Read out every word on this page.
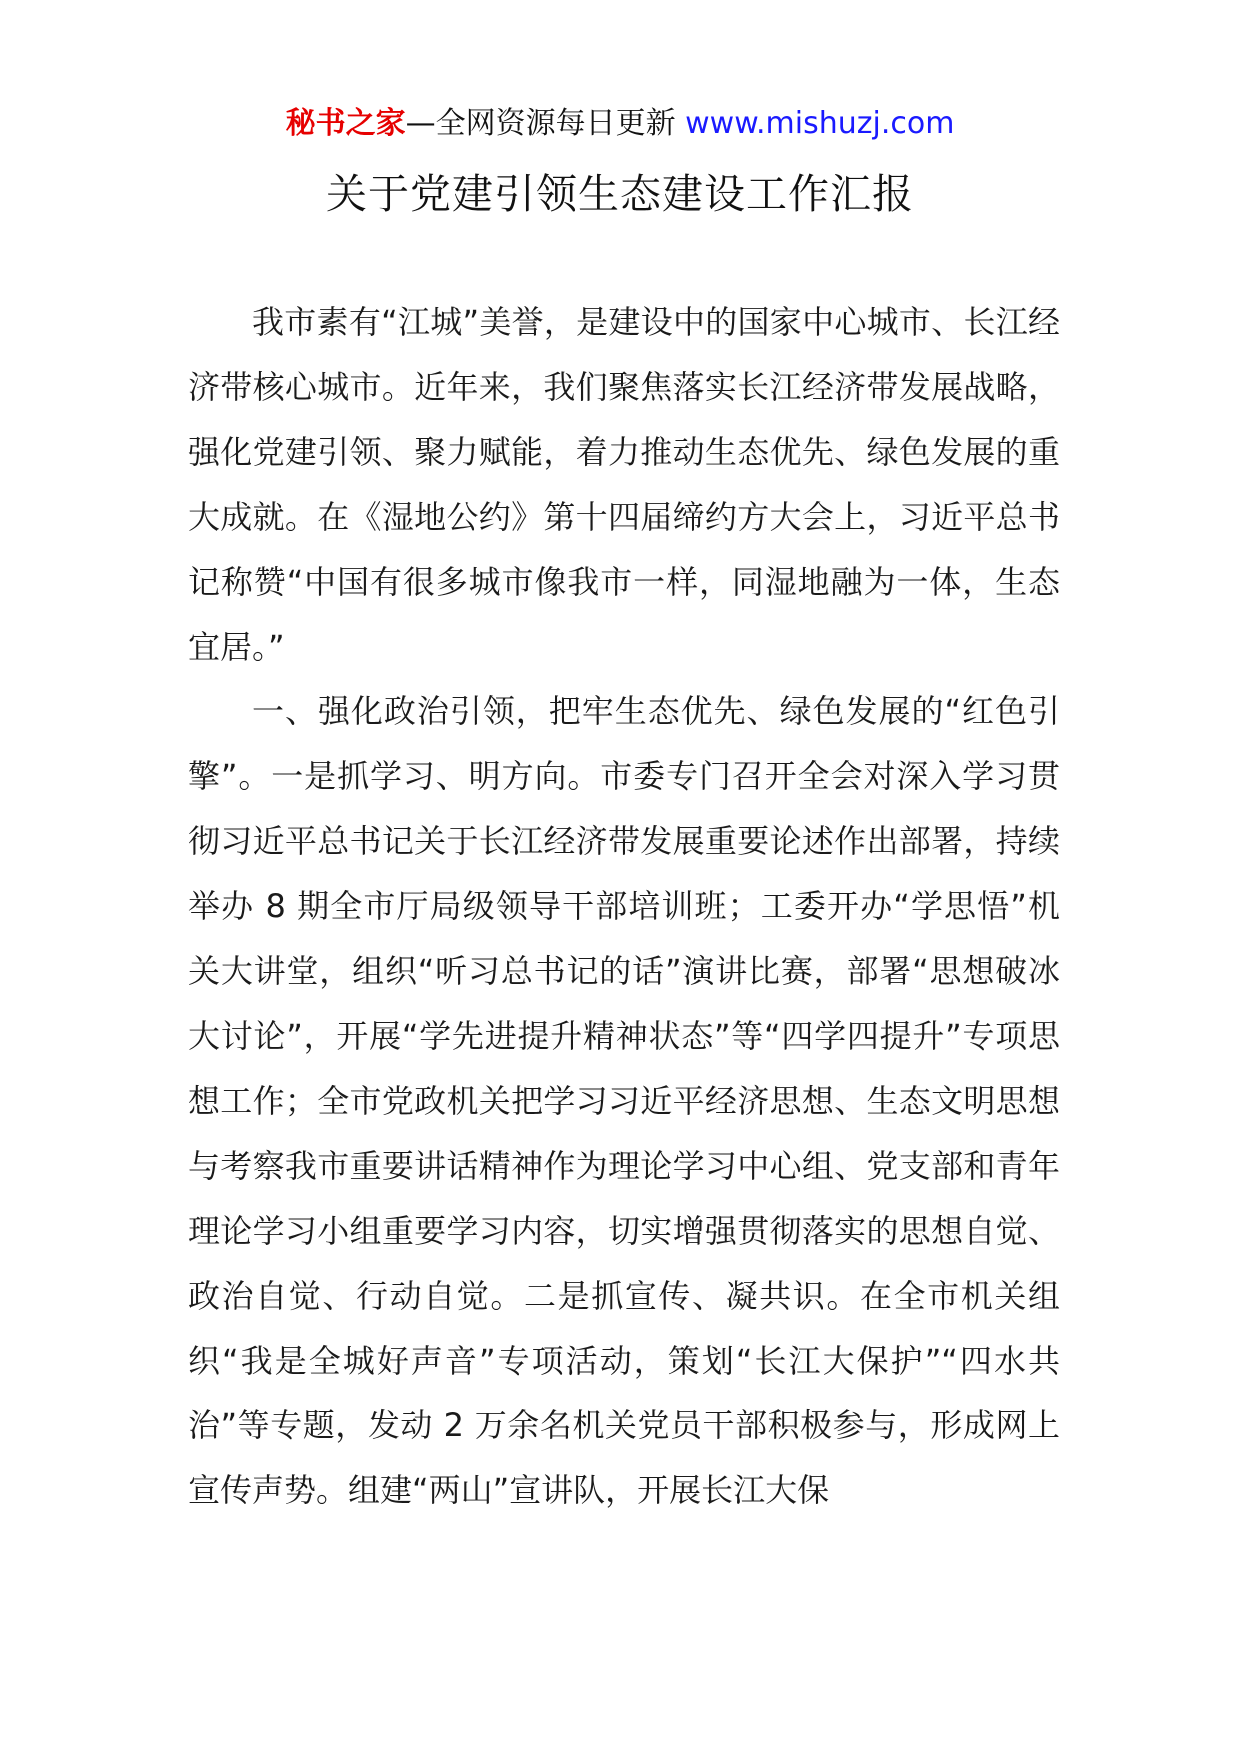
秘书之家—全网资源每日更新 www.mishuzj.com
关于党建引领生态建设工作汇报

我市素有“江城”美誉，是建设中的国家中心城市、长江经济带核心城市。近年来，我们聚焦落实长江经济带发展战略，强化党建引领、聚力赋能，着力推动生态优先、绿色发展的重大成就。在《湿地公约》第十四届缔约方大会上，习近平总书记称赞“中国有很多城市像我市一样，同湿地融为一体，生态宜居。”

一、强化政治引领，把牢生态优先、绿色发展的“红色引擎”。一是抓学习、明方向。市委专门召开全会对深入学习贯彻习近平总书记关于长江经济带发展重要论述作出部署，持续举办 8 期全市厅局级领导干部培训班；工委开办“学思悟”机关大讲堂，组织“听习总书记的话”演讲比赛，部署“思想破冰大讨论”，开展“学先进提升精神状态”等“四学四提升”专项思想工作；全市党政机关把学习习近平经济思想、生态文明思想与考察我市重要讲话精神作为理论学习中心组、党支部和青年理论学习小组重要学习内容，切实增强贯彻落实的思想自觉、政治自觉、行动自觉。二是抓宣传、凝共识。在全市机关组织“我是全城好声音”专项活动，策划“长江大保护”“四水共治”等专题，发动 2 万余名机关党员干部积极参与，形成网上宣传声势。组建“两山”宣讲队，开展长江大保
